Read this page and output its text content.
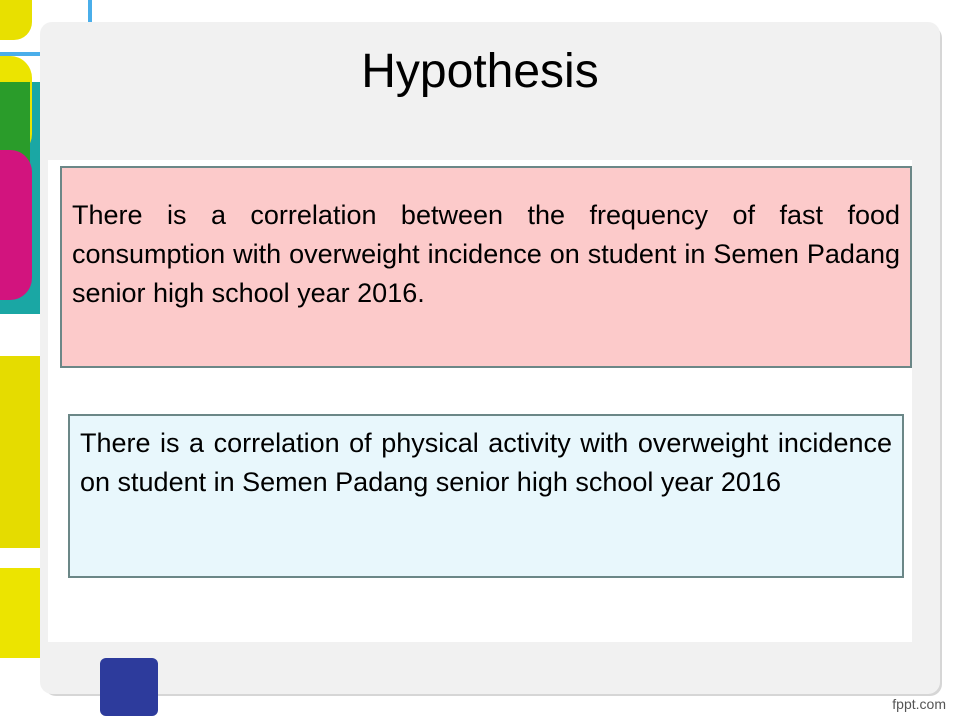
Hypothesis
There is a correlation between the frequency of fast food consumption with overweight incidence on student in Semen Padang senior high school year 2016.
There is a correlation of physical activity with overweight incidence on student in Semen Padang senior high school year 2016
fppt.com
